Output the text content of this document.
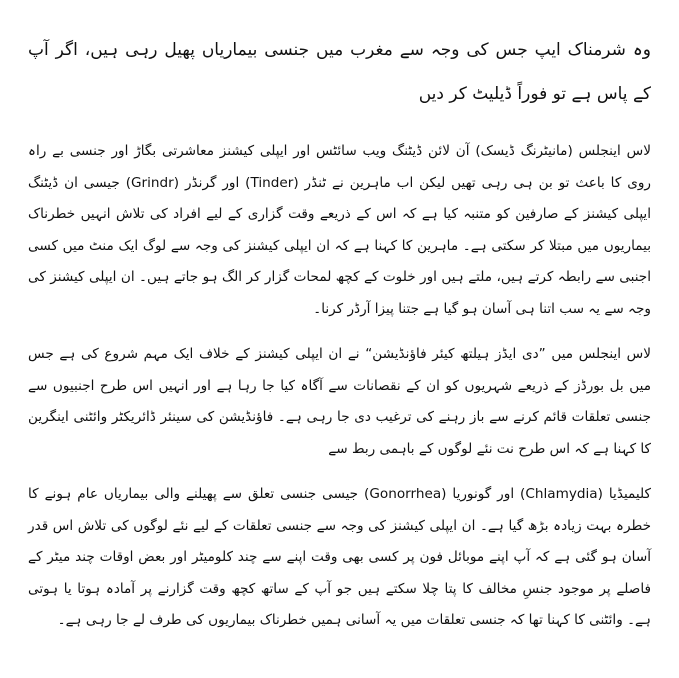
وہ شرمناک ایپ جس کی وجہ سے مغرب میں جنسی بیماریاں پھیل رہی ہیں، اگر آپ کے پاس ہے تو فوراً ڈیلیٹ کر دیں

لاس اینجلس (مانیٹرنگ ڈیسک) آن لائن ڈیٹنگ ویب سائٹس اور ایپلی کیشنز معاشرتی بگاڑ اور جنسی بے راہ روی کا باعث تو بن ہی رہی تھیں لیکن اب ماہرین نے ٹنڈر (Tinder) اور گرنڈر (Grindr) جیسی ان ڈیٹنگ ایپلی کیشنز کے صارفین کو متنبہ کیا ہے کہ اس کے ذریعے وقت گزاری کے لیے افراد کی تلاش انہیں خطرناک بیماریوں میں مبتلا کر سکتی ہے۔ ماہرین کا کہنا ہے کہ ان ایپلی کیشنز کی وجہ سے لوگ ایک منٹ میں کسی اجنبی سے رابطہ کرتے ہیں، ملتے ہیں اور خلوت کے کچھ لمحات گزار کر الگ ہو جاتے ہیں۔ ان ایپلی کیشنز کی وجہ سے یہ سب اتنا ہی آسان ہو گیا ہے جتنا پیزا آرڈر کرنا۔

لاس اینجلس میں ”دی ایڈز ہیلتھ کیئر فاﺅنڈیشن“ نے ان ایپلی کیشنز کے خلاف ایک مہم شروع کی ہے جس میں بل بورڈز کے ذریعے شہریوں کو ان کے نقصانات سے آگاہ کیا جا رہا ہے اور انہیں اس طرح اجنبیوں سے جنسی تعلقات قائم کرنے سے باز رہنے کی ترغیب دی جا رہی ہے۔ فاﺅنڈیشن کی سینئر ڈائریکٹر وائٹنی اینگرین کا کہنا ہے کہ اس طرح نت نئے لوگوں کے باہمی ربط سے

کلیمیڈیا (Chlamydia) اور گونوریا (Gonorrhea) جیسی جنسی تعلق سے پھیلنے والی بیماریاں عام ہونے کا خطرہ بہت زیادہ بڑھ گیا ہے۔ ان ایپلی کیشنز کی وجہ سے جنسی تعلقات کے لیے نئے لوگوں کی تلاش اس قدر آسان ہو گئی ہے کہ آپ اپنے موبائل فون پر کسی بھی وقت اپنے سے چند کلومیٹر اور بعض اوقات چند میٹر کے فاصلے پر موجود جنسِ مخالف کا پتا چلا سکتے ہیں جو آپ کے ساتھ کچھ وقت گزارنے پر آمادہ ہوتا یا ہوتی ہے۔ وائٹنی کا کہنا تھا کہ جنسی تعلقات میں یہ آسانی ہمیں خطرناک بیماریوں کی طرف لے جا رہی ہے۔
